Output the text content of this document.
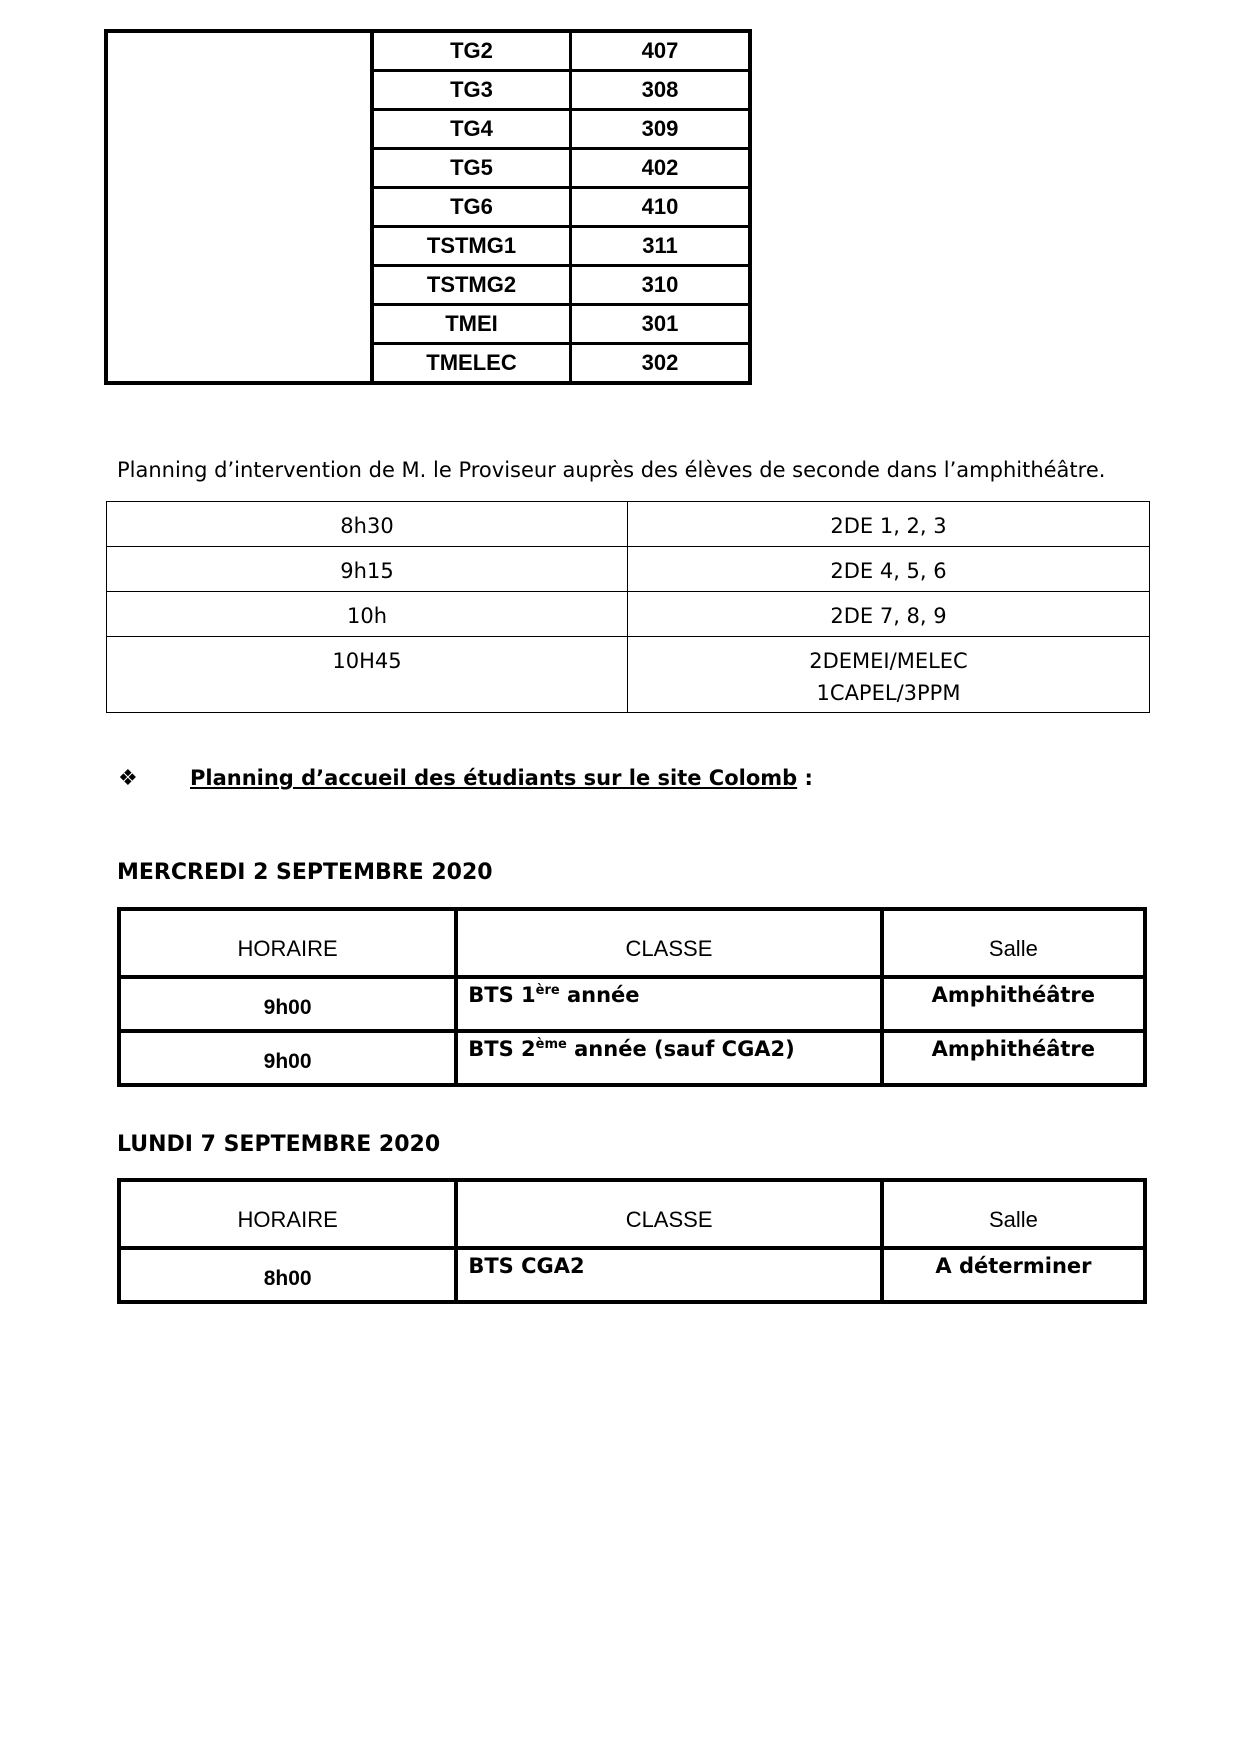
	TG2	407
	TG3	308
	TG4	309
	TG5	402
	TG6	410
	TSTMG1	311
	TSTMG2	310
	TMEI	301
	TMELEC	302
Planning d’intervention de M. le Proviseur auprès des élèves de seconde dans l’amphithéâtre.
8h30	2DE 1, 2, 3

9h15	2DE 4, 5, 6

10h	2DE 7, 8, 9

10H45	2DEMEI/MELEC
1CAPEL/3PPM
❖ Planning d’accueil des étudiants sur le site Colomb :
MERCREDI 2 SEPTEMBRE 2020
HORAIRE	CLASSE	Salle
9h00	BTS 1ère année	Amphithéâtre
9h00	BTS 2ème année (sauf CGA2)	Amphithéâtre
LUNDI 7 SEPTEMBRE 2020
HORAIRE	CLASSE	Salle
8h00	BTS CGA2	A déterminer
